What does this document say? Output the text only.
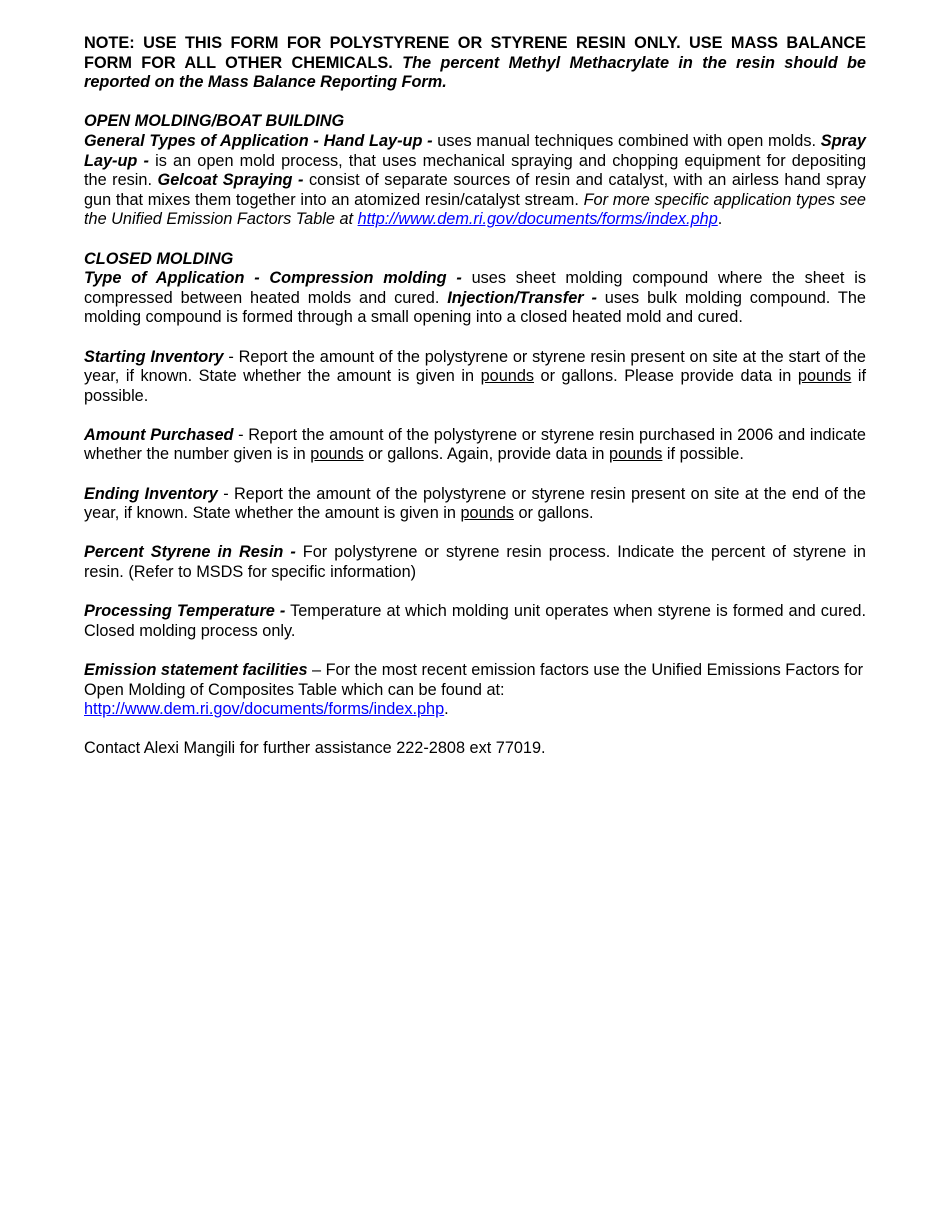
NOTE: USE THIS FORM FOR POLYSTYRENE OR STYRENE RESIN ONLY. USE MASS BALANCE FORM FOR ALL OTHER CHEMICALS. The percent Methyl Methacrylate in the resin should be reported on the Mass Balance Reporting Form.

OPEN MOLDING/BOAT BUILDING

General Types of Application - Hand Lay-up - uses manual techniques combined with open molds. Spray Lay-up - is an open mold process, that uses mechanical spraying and chopping equipment for depositing the resin. Gelcoat Spraying - consist of separate sources of resin and catalyst, with an airless hand spray gun that mixes them together into an atomized resin/catalyst stream. For more specific application types see the Unified Emission Factors Table at http://www.dem.ri.gov/documents/forms/index.php.

CLOSED MOLDING

Type of Application - Compression molding - uses sheet molding compound where the sheet is compressed between heated molds and cured. Injection/Transfer - uses bulk molding compound. The molding compound is formed through a small opening into a closed heated mold and cured.

Starting Inventory - Report the amount of the polystyrene or styrene resin present on site at the start of the year, if known. State whether the amount is given in pounds or gallons. Please provide data in pounds if possible.

Amount Purchased - Report the amount of the polystyrene or styrene resin purchased in 2006 and indicate whether the number given is in pounds or gallons. Again, provide data in pounds if possible.

Ending Inventory - Report the amount of the polystyrene or styrene resin present on site at the end of the year, if known. State whether the amount is given in pounds or gallons.

Percent Styrene in Resin - For polystyrene or styrene resin process. Indicate the percent of styrene in resin. (Refer to MSDS for specific information)

Processing Temperature - Temperature at which molding unit operates when styrene is formed and cured. Closed molding process only.

Emission statement facilities – For the most recent emission factors use the Unified Emissions Factors for Open Molding of Composites Table which can be found at:
http://www.dem.ri.gov/documents/forms/index.php.

Contact Alexi Mangili for further assistance 222-2808 ext 77019.
